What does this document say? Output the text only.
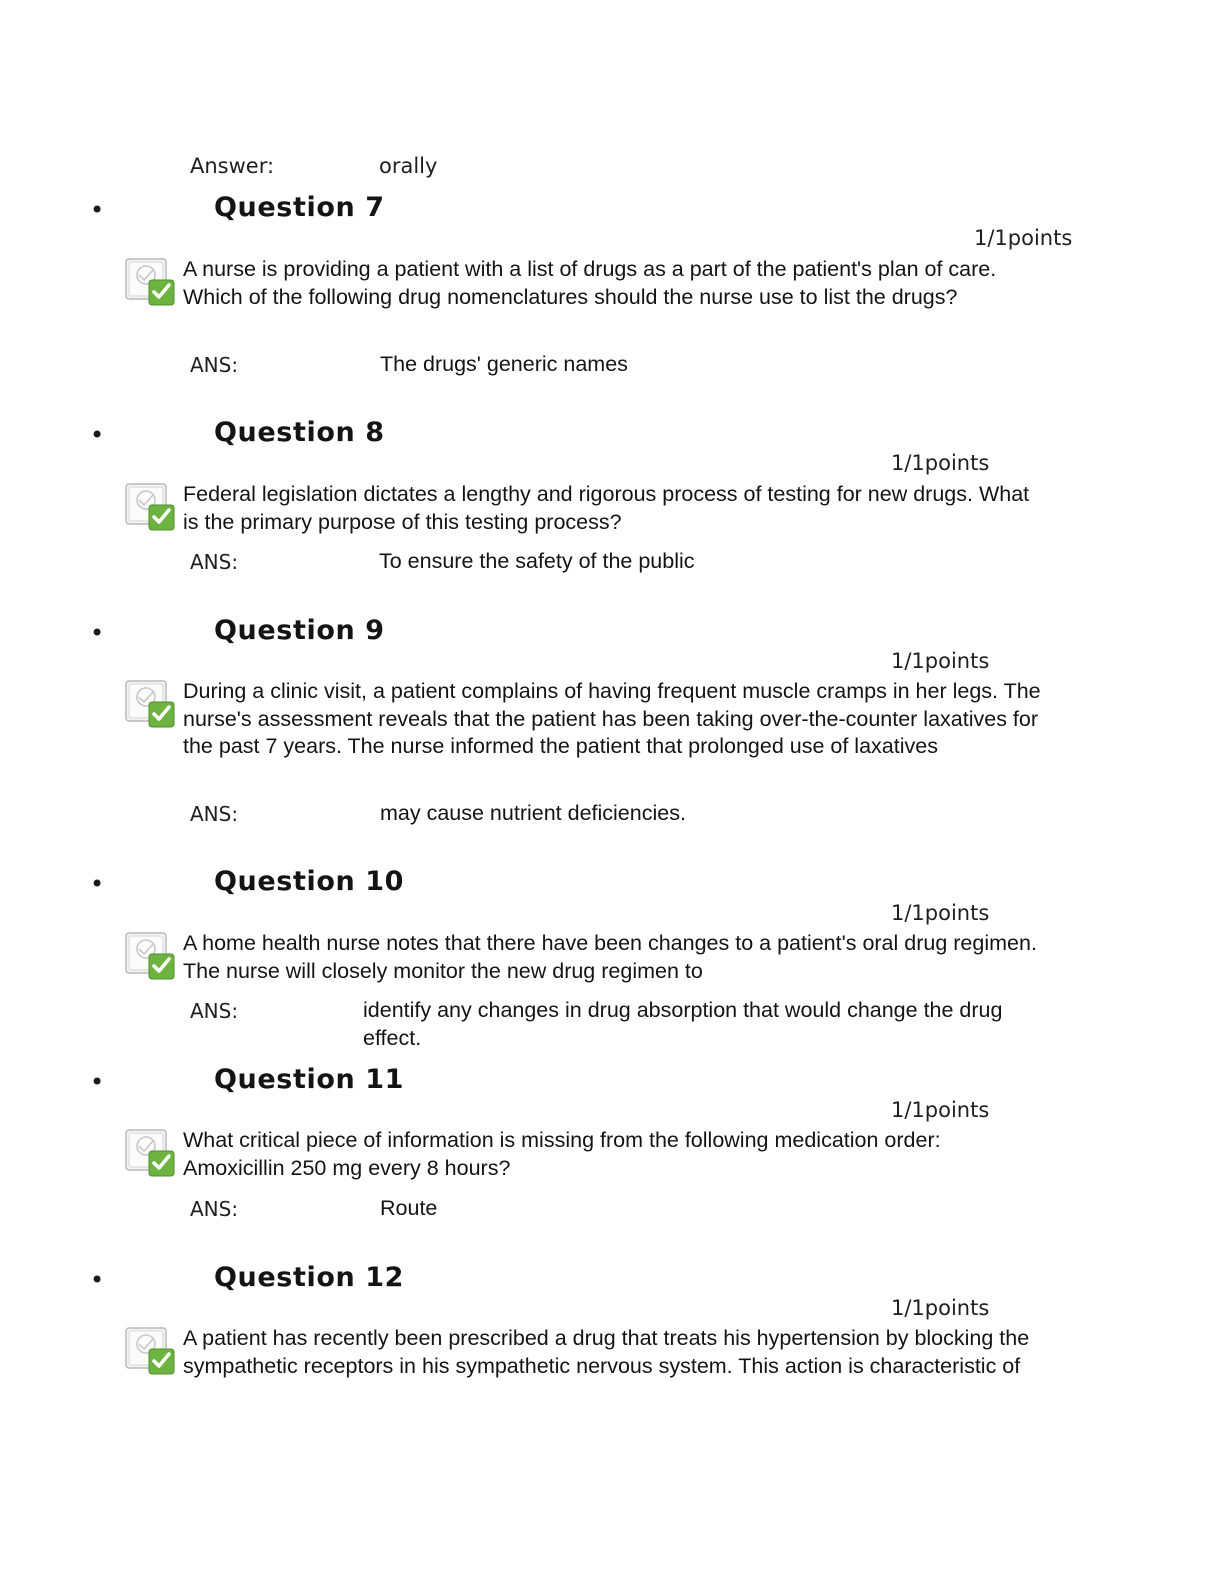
Answer:	orally
•	Question 7
1/1points
A nurse is providing a patient with a list of drugs as a part of the patient's plan of care. Which of the following drug nomenclatures should the nurse use to list the drugs?
ANS:	The drugs' generic names
•	Question 8
1/1points
Federal legislation dictates a lengthy and rigorous process of testing for new drugs. What is the primary purpose of this testing process?
ANS:	To ensure the safety of the public
•	Question 9
1/1points
During a clinic visit, a patient complains of having frequent muscle cramps in her legs. The nurse's assessment reveals that the patient has been taking over-the-counter laxatives for the past 7 years. The nurse informed the patient that prolonged use of laxatives
ANS:	may cause nutrient deficiencies.
•	Question 10
1/1points
A home health nurse notes that there have been changes to a patient's oral drug regimen. The nurse will closely monitor the new drug regimen to
ANS:	identify any changes in drug absorption that would change the drug effect.
•	Question 11
1/1points
What critical piece of information is missing from the following medication order: Amoxicillin 250 mg every 8 hours?
ANS:	Route
•	Question 12
1/1points
A patient has recently been prescribed a drug that treats his hypertension by blocking the sympathetic receptors in his sympathetic nervous system. This action is characteristic of
